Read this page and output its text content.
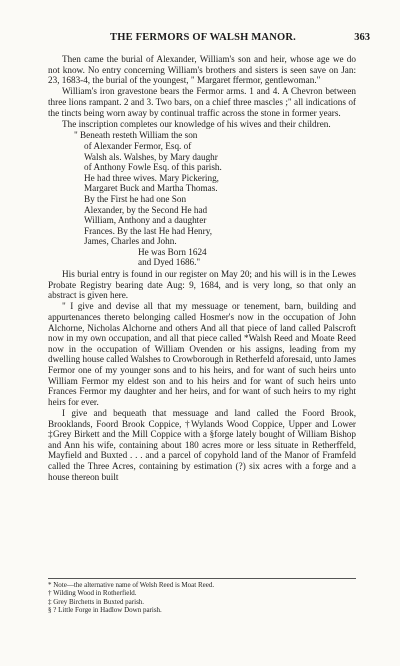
THE FERMORS OF WALSH MANOR.	363

Then came the burial of Alexander, William's son and heir, whose age we do not know. No entry concerning William's brothers and sisters is seen save on Jan: 23, 1683-4, the burial of the youngest, " Margaret ffermor, gentlewoman."

William's iron gravestone bears the Fermor arms. 1 and 4. A Chevron between three lions rampant. 2 and 3. Two bars, on a chief three mascles ;" all indications of the tincts being worn away by continual traffic across the stone in former years.

The inscription completes our knowledge of his wives and their children.

" Beneath resteth William the son
of Alexander Fermor, Esq. of
Walsh als. Walshes, by Mary daughr
of Anthony Fowle Esq. of this parish.
He had three wives. Mary Pickering,
Margaret Buck and Martha Thomas.
By the First he had one Son
Alexander, by the Second He had
William, Anthony and a daughter
Frances. By the last He had Henry,
James, Charles and John.
He was Born 1624
and Dyed 1686."

His burial entry is found in our register on May 20; and his will is in the Lewes Probate Registry bearing date Aug: 9, 1684, and is very long, so that only an abstract is given here.

" I give and devise all that my messuage or tenement, barn, building and appurtenances thereto belonging called Hosmer's now in the occupation of John Alchorne, Nicholas Alchorne and others And all that piece of land called Palscroft now in my own occupation, and all that piece called *Walsh Reed and Moate Reed now in the occupation of William Ovenden or his assigns, leading from my dwelling house called Walshes to Crowborough in Retherfeld aforesaid, unto James Fermor one of my younger sons and to his heirs, and for want of such heirs unto William Fermor my eldest son and to his heirs and for want of such heirs unto Frances Fermor my daughter and her heirs, and for want of such heirs to my right heirs for ever.

I give and bequeath that messuage and land called the Foord Brook, Brooklands, Foord Brook Coppice, †Wylands Wood Coppice, Upper and Lower ‡Grey Birkett and the Mill Coppice with a §forge lately bought of William Bishop and Ann his wife, containing about 180 acres more or less situate in Retherffeld, Mayfield and Buxted . . . and a parcel of copyhold land of the Manor of Framfeld called the Three Acres, containing by estimation (?) six acres with a forge and a house thereon built

* Note—the alternative name of Welsh Reed is Moat Reed.
† Wilding Wood in Rotherfield.
‡ Grey Birchetts in Buxted parish.
§ ? Little Forge in Hadlow Down parish.
